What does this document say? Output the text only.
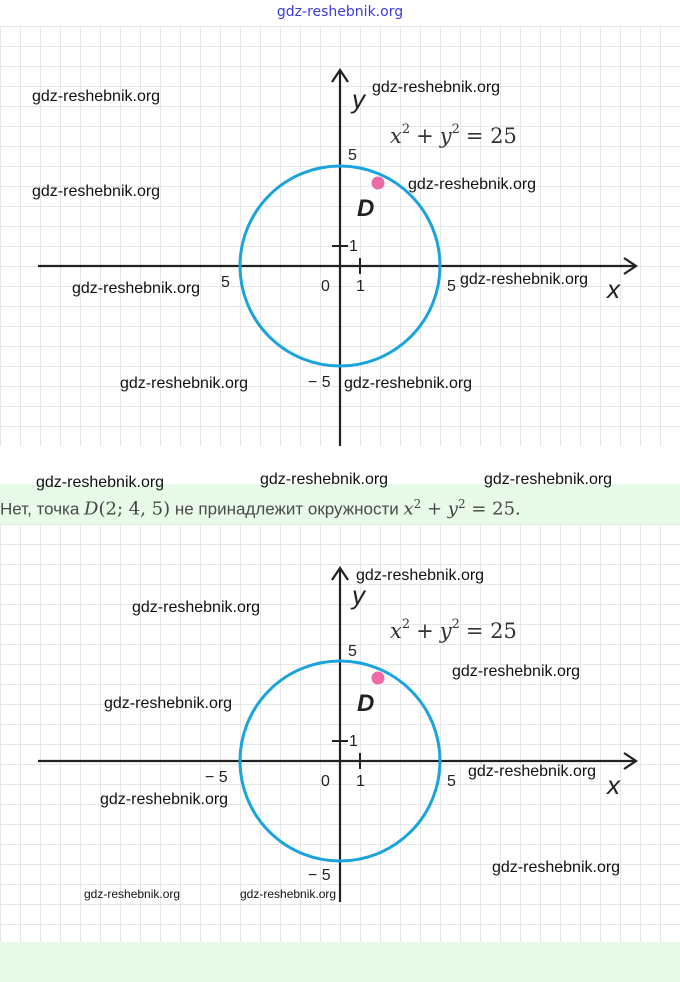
gdz-reshebnik.org
D
y
x
0 1
1
5
5
5
− 5
$x^2 + y^2 = 25$
Нет, точка D(2; 4, 5) не принадлежит окружности $x^2 + y^2 = 25$.
D
y
x
0 1
1
5
5
− 5
− 5
$x^2 + y^2 = 25$
gdz-reshebnik.org
gdz-reshebnik.org
gdz-reshebnik.org	gdz-reshebnik.org
gdz-reshebnik.org
gdz-reshebnik.org
gdz-reshebnik.org	gdz-reshebnik.org
gdz-reshebnik.org	gdz-reshebnik.org	gdz-reshebnik.org
gdz-reshebnik.org
gdz-reshebnik.org
gdz-reshebnik.org
gdz-reshebnik.org
gdz-reshebnik.org
gdz-reshebnik.org
gdz-reshebnik.org
gdz-reshebnik.org	gdz-reshebnik.org
